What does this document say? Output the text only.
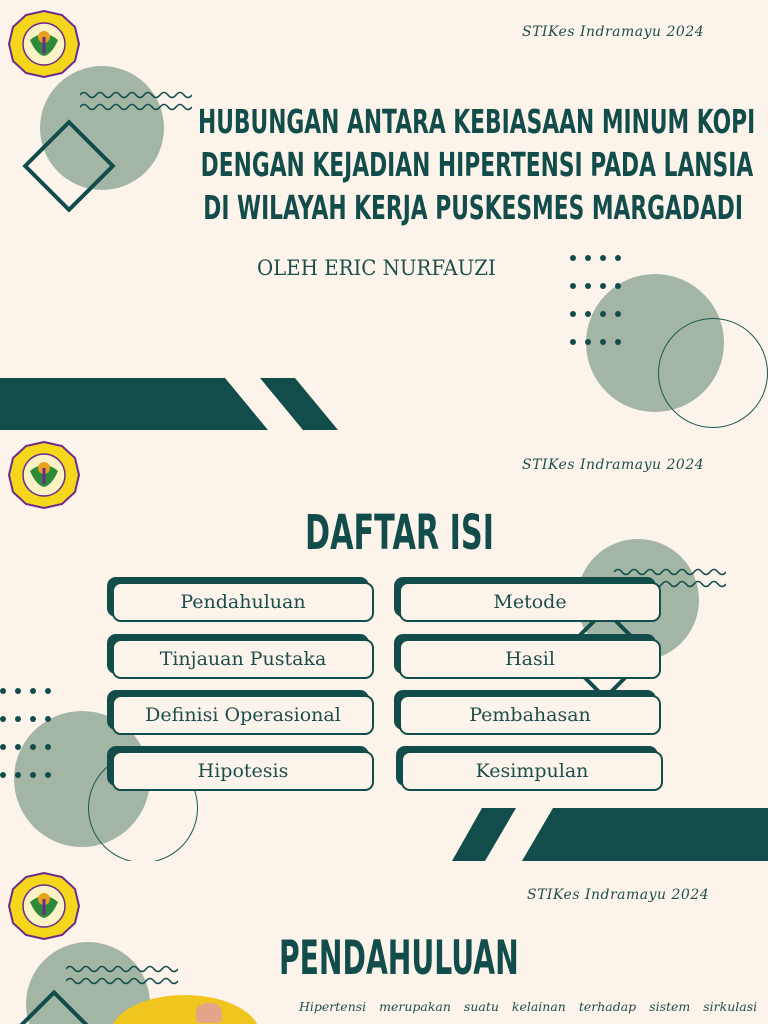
STIKes Indramayu 2024
HUBUNGAN ANTARA KEBIASAAN MINUM KOPI
DENGAN KEJADIAN HIPERTENSI PADA LANSIA
DI WILAYAH KERJA PUSKESMES MARGADADI
OLEH ERIC NURFAUZI
STIKes Indramayu 2024
DAFTAR ISI
Pendahuluan	Metode
Tinjauan Pustaka	Hasil
Definisi Operasional	Pembahasan
Hipotesis	Kesimpulan
STIKes Indramayu 2024
PENDAHULUAN
Hipertensi merupakan suatu kelainan terhadap sistem sirkulasi
